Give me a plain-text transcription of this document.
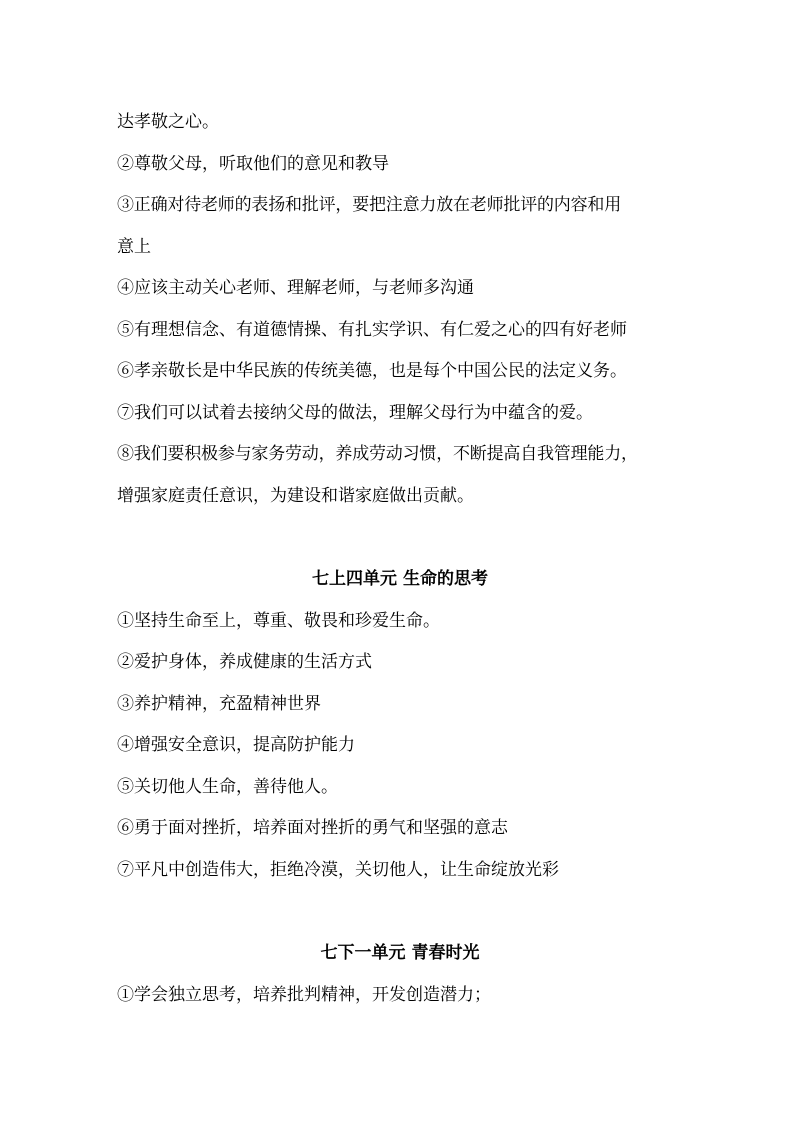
达孝敬之心。
②尊敬父母，听取他们的意见和教导
③正确对待老师的表扬和批评，要把注意力放在老师批评的内容和用
意上
④应该主动关心老师、理解老师，与老师多沟通
⑤有理想信念、有道德情操、有扎实学识、有仁爱之心的四有好老师
⑥孝亲敬长是中华民族的传统美德，也是每个中国公民的法定义务。
⑦我们可以试着去接纳父母的做法，理解父母行为中蕴含的爱。
⑧我们要积极参与家务劳动，养成劳动习惯，不断提高自我管理能力，
增强家庭责任意识，为建设和谐家庭做出贡献。
七上四单元 生命的思考
①坚持生命至上，尊重、敬畏和珍爱生命。
②爱护身体，养成健康的生活方式
③养护精神，充盈精神世界
④增强安全意识，提高防护能力
⑤关切他人生命，善待他人。
⑥勇于面对挫折，培养面对挫折的勇气和坚强的意志
⑦平凡中创造伟大，拒绝冷漠，关切他人，让生命绽放光彩
七下一单元 青春时光
①学会独立思考，培养批判精神，开发创造潜力；
